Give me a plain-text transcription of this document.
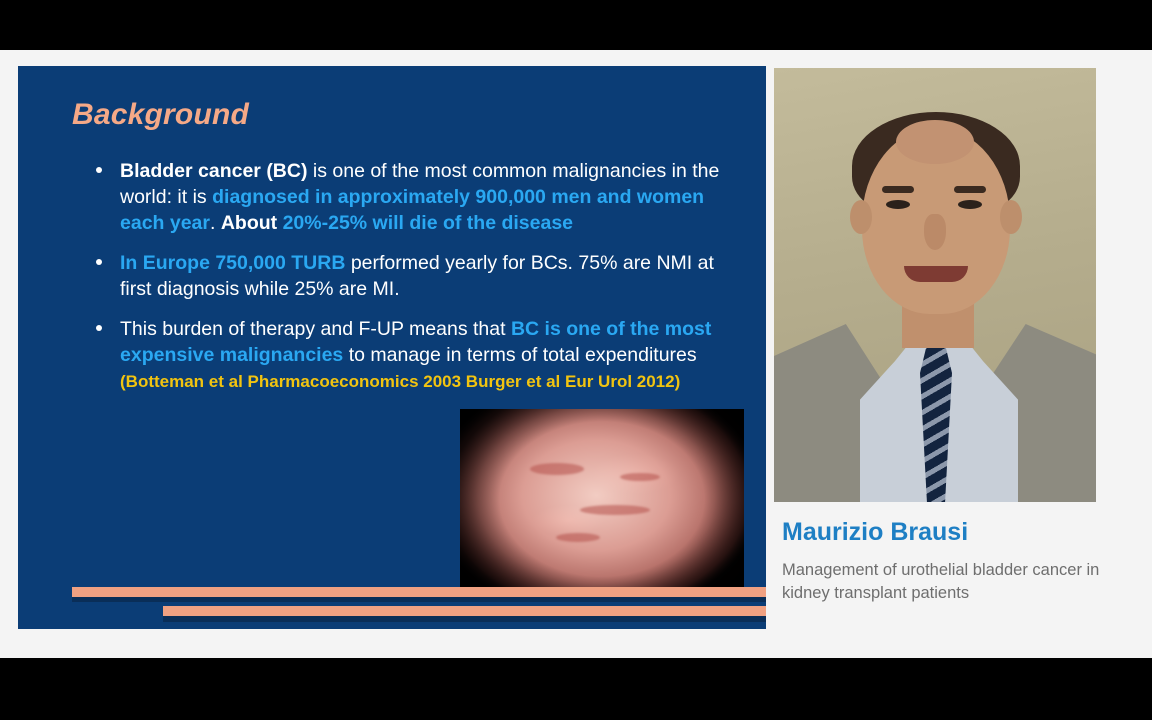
Background
Bladder cancer (BC) is one of the most common malignancies in the world: it is diagnosed in approximately 900,000 men and women each year. About 20%-25% will die of the disease
In Europe 750,000 TURB performed yearly for BCs. 75% are NMI at first diagnosis while 25% are MI.
This burden of therapy and F-UP means that BC is one of the most expensive malignancies to manage in terms of total expenditures
(Botteman et al Pharmacoeconomics 2003 Burger et al Eur Urol 2012)
Maurizio Brausi
Management of urothelial bladder cancer in kidney transplant patients
